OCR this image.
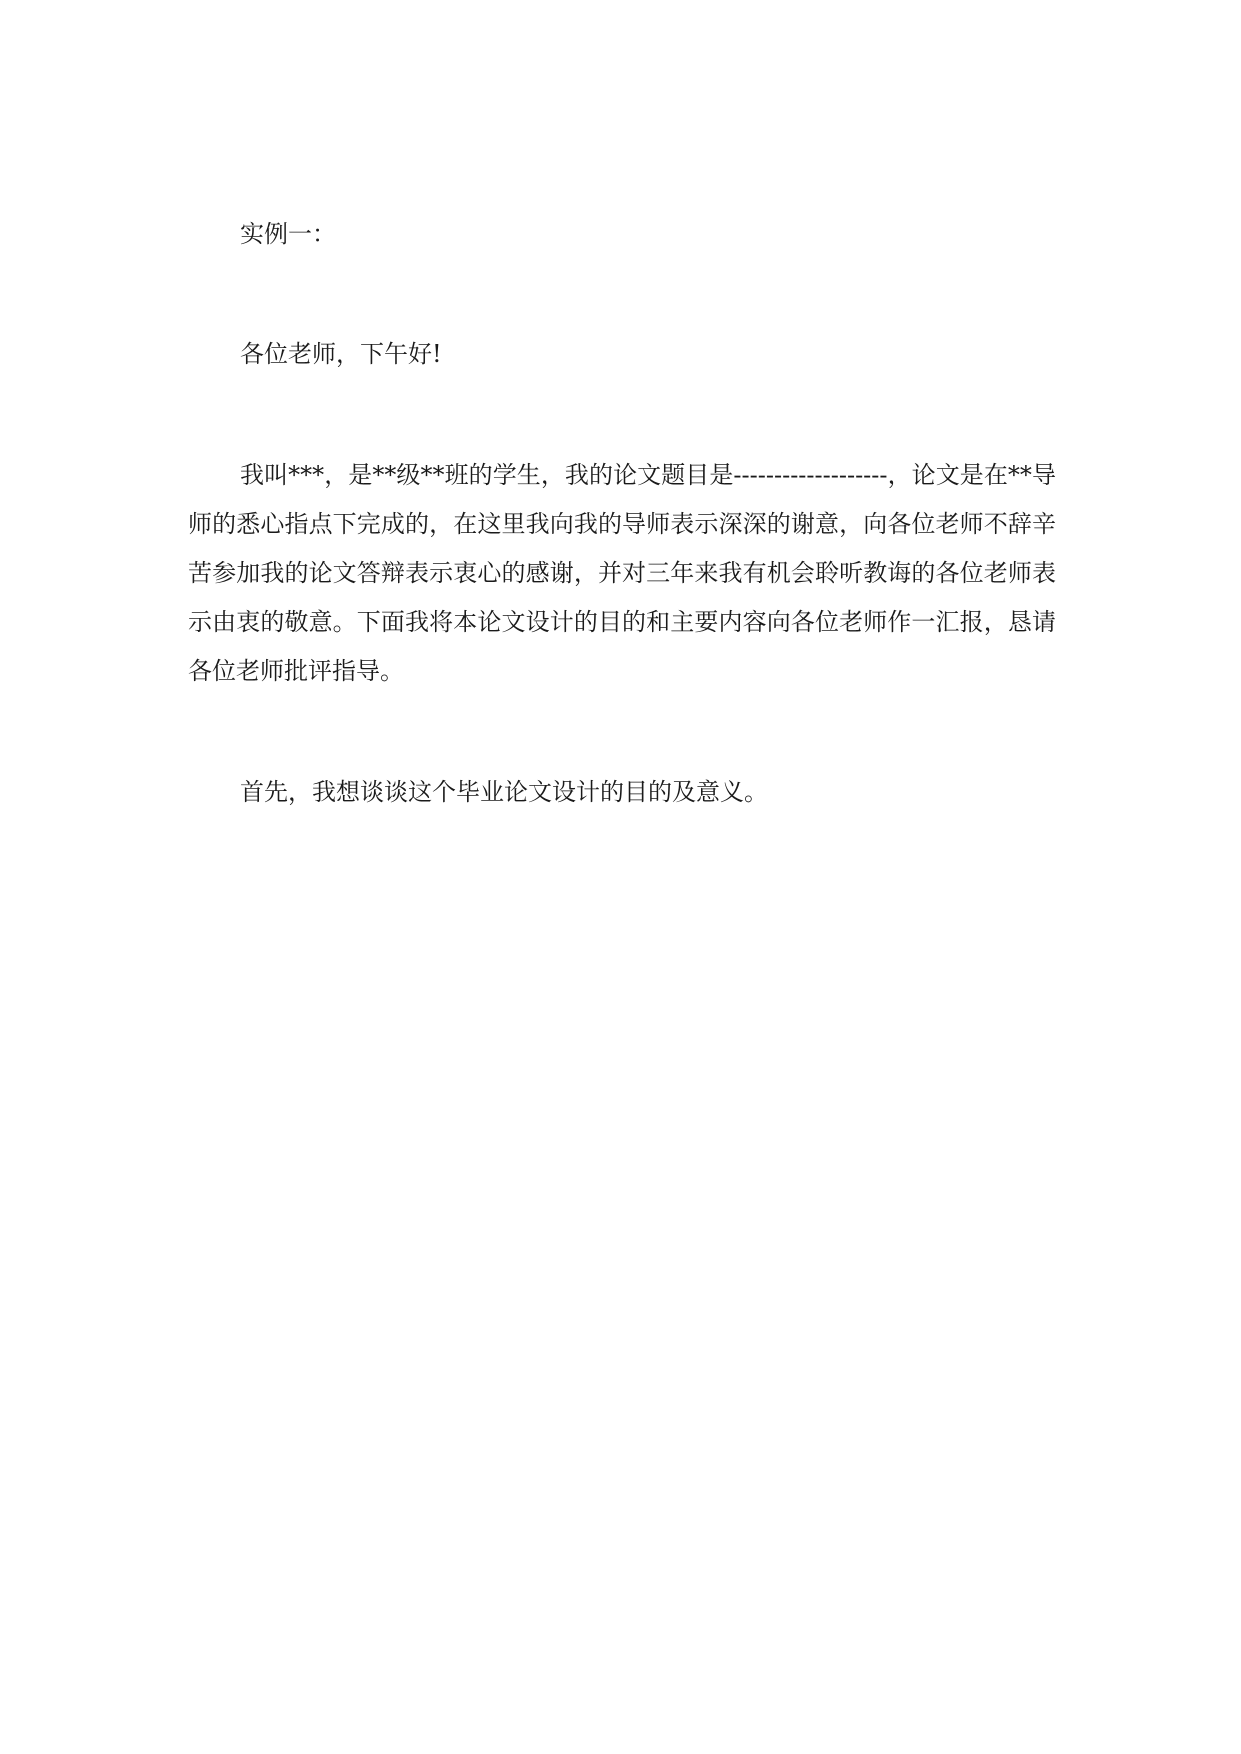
实例一：

各位老师，下午好!

我叫***，是**级**班的学生，我的论文题目是-------------------，论文是在**导师的悉心指点下完成的，在这里我向我的导师表示深深的谢意，向各位老师不辞辛苦参加我的论文答辩表示衷心的感谢，并对三年来我有机会聆听教诲的各位老师表示由衷的敬意。下面我将本论文设计的目的和主要内容向各位老师作一汇报，恳请各位老师批评指导。

首先，我想谈谈这个毕业论文设计的目的及意义。
